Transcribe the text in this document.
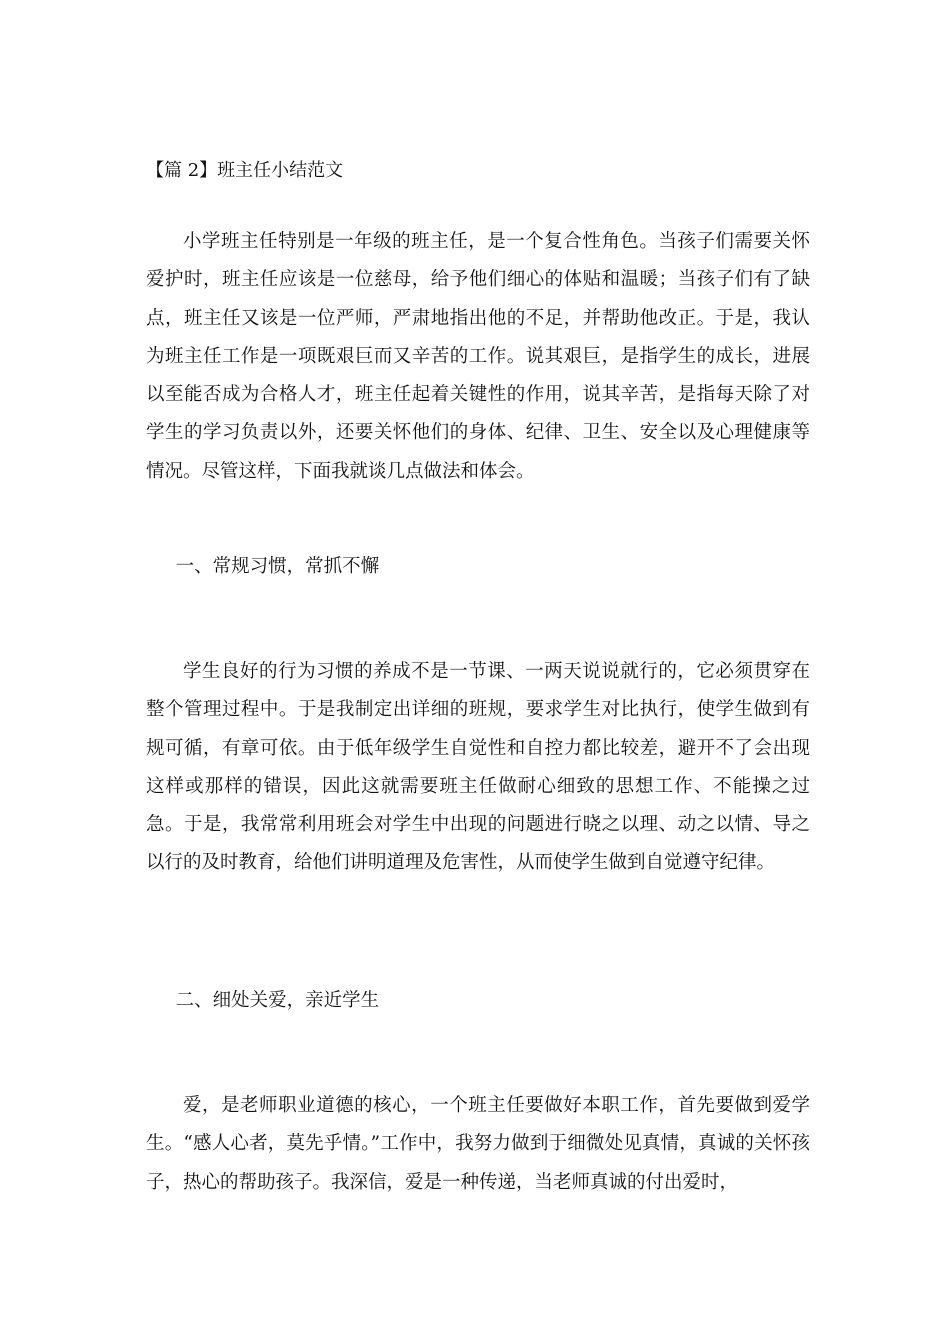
【篇 2】班主任小结范文

小学班主任特别是一年级的班主任，是一个复合性角色。当孩子们需要关怀爱护时，班主任应该是一位慈母，给予他们细心的体贴和温暖；当孩子们有了缺点，班主任又该是一位严师，严肃地指出他的不足，并帮助他改正。于是，我认为班主任工作是一项既艰巨而又辛苦的工作。说其艰巨，是指学生的成长，进展以至能否成为合格人才，班主任起着关键性的作用，说其辛苦，是指每天除了对学生的学习负责以外，还要关怀他们的身体、纪律、卫生、安全以及心理健康等情况。尽管这样，下面我就谈几点做法和体会。

一、常规习惯，常抓不懈

学生良好的行为习惯的养成不是一节课、一两天说说就行的，它必须贯穿在整个管理过程中。于是我制定出详细的班规，要求学生对比执行，使学生做到有规可循，有章可依。由于低年级学生自觉性和自控力都比较差，避开不了会出现这样或那样的错误，因此这就需要班主任做耐心细致的思想工作、不能操之过急。于是，我常常利用班会对学生中出现的问题进行晓之以理、动之以情、导之以行的及时教育，给他们讲明道理及危害性，从而使学生做到自觉遵守纪律。

二、细处关爱，亲近学生

爱，是老师职业道德的核心，一个班主任要做好本职工作，首先要做到爱学生。“感人心者，莫先乎情。”工作中，我努力做到于细微处见真情，真诚的关怀孩子，热心的帮助孩子。我深信，爱是一种传递，当老师真诚的付出爱时，
